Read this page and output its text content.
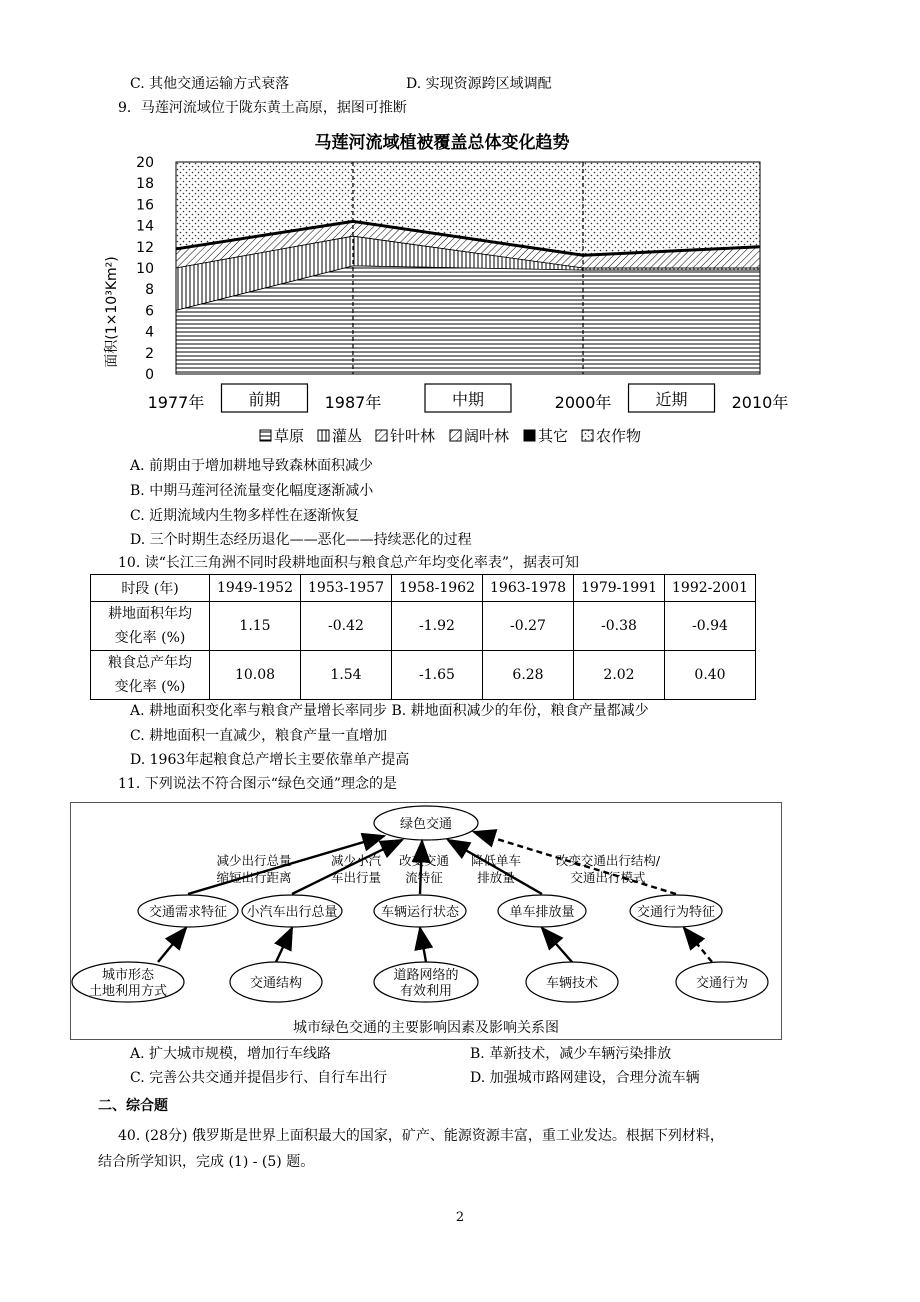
C. 其他交通运输方式衰落	D. 实现资源跨区域调配
9．马莲河流域位于陇东黄土高原，据图可推断
马莲河流域植被覆盖总体变化趋势
面积(1×10³Km²)
0
2
4
6
8
10
12
14
16
18
20
1977年	1987年	2000年	2010年
前期	中期	近期
草原 灌丛 针叶林 阔叶林 其它 农作物
A. 前期由于增加耕地导致森林面积减少
B. 中期马莲河径流量变化幅度逐渐减小
C. 近期流域内生物多样性在逐渐恢复
D. 三个时期生态经历退化——恶化——持续恶化的过程
10. 读“长江三角洲不同时段耕地面积与粮食总产年均变化率表”，据表可知
时段 (年)	1949-1952	1953-1957	1958-1962	1963-1978	1979-1991	1992-2001
耕地面积年均
变化率 (%)	1.15	-0.42	-1.92	-0.27	-0.38	-0.94
粮食总产年均
变化率 (%)	10.08	1.54	-1.65	6.28	2.02	0.40
A. 耕地面积变化率与粮食产量增长率同步 B. 耕地面积减少的年份，粮食产量都减少
C. 耕地面积一直减少，粮食产量一直增加
D. 1963年起粮食总产增长主要依靠单产提高
11. 下列说法不符合图示“绿色交通”理念的是
绿色交通
交通需求特征 小汽车出行总量	车辆运行状态	单车排放量	交通行为特征
城市形态
土地利用方式
交通结构
道路网络的
有效利用
车辆技术	交通行为
减少出行总量
缩短出行距离
减少小汽
车出行量
改变交通
流特征
降低单车
排放量
改变交通出行结构/
交通出行模式
城市绿色交通的主要影响因素及影响关系图
A. 扩大城市规模，增加行车线路	B. 革新技术，减少车辆污染排放
C. 完善公共交通并提倡步行、自行车出行	D. 加强城市路网建设，合理分流车辆
二、综合题
40. (28分) 俄罗斯是世界上面积最大的国家，矿产、能源资源丰富，重工业发达。根据下列材料，
结合所学知识，完成 (1) - (5) 题。
2
